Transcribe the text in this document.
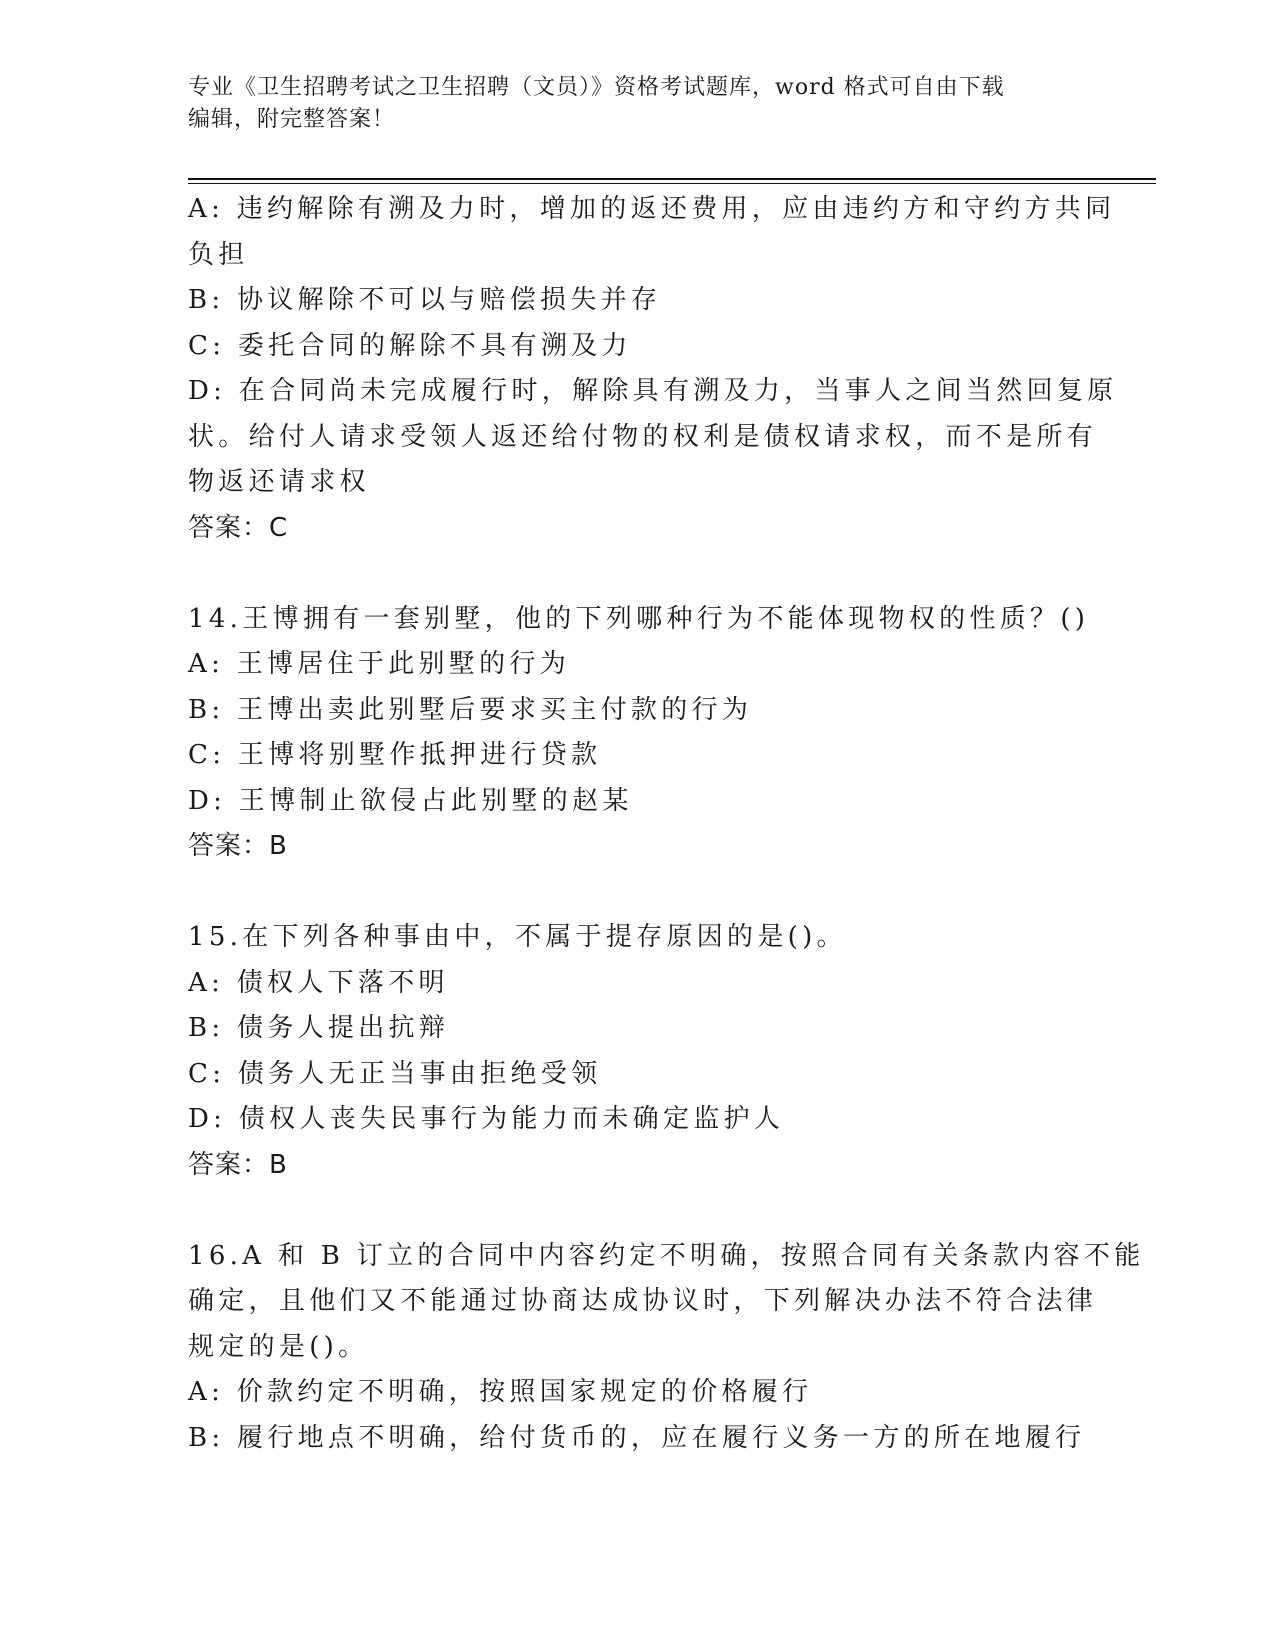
专业《卫生招聘考试之卫生招聘（文员）》资格考试题库，word 格式可自由下载
编辑，附完整答案！
A: 违约解除有溯及力时，增加的返还费用，应由违约方和守约方共同
负担
B: 协议解除不可以与赔偿损失并存
C: 委托合同的解除不具有溯及力
D: 在合同尚未完成履行时，解除具有溯及力，当事人之间当然回复原
状。给付人请求受领人返还给付物的权利是债权请求权，而不是所有
物返还请求权
答案：C
14.王博拥有一套别墅，他的下列哪种行为不能体现物权的性质？()
A: 王博居住于此别墅的行为
B: 王博出卖此别墅后要求买主付款的行为
C: 王博将别墅作抵押进行贷款
D: 王博制止欲侵占此别墅的赵某
答案：B
15.在下列各种事由中，不属于提存原因的是()。
A: 债权人下落不明
B: 债务人提出抗辩
C: 债务人无正当事由拒绝受领
D: 债权人丧失民事行为能力而未确定监护人
答案：B
16.A 和 B 订立的合同中内容约定不明确，按照合同有关条款内容不能
确定，且他们又不能通过协商达成协议时，下列解决办法不符合法律
规定的是()。
A: 价款约定不明确，按照国家规定的价格履行
B: 履行地点不明确，给付货币的，应在履行义务一方的所在地履行
